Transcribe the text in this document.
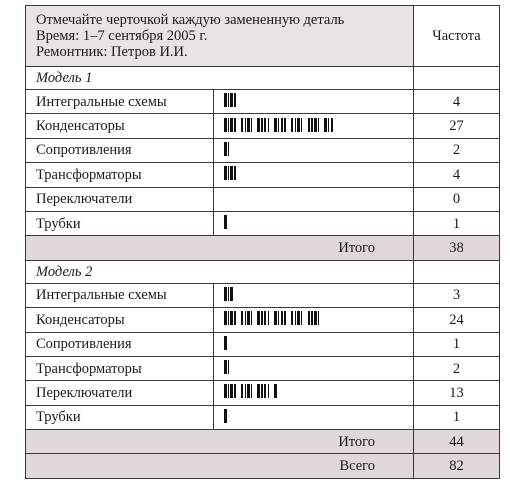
Отмечайте черточкой каждую замененную деталь
Время: 1–7 сентября 2005 г.
Ремонтник: Петров И.И.		Частота
Модель 1		
Интегральные схемы		4
Конденсаторы		27
Сопротивления		2
Трансформаторы		4
Переключатели		0
Трубки		1
Итого		38
Модель 2		
Интегральные схемы		3
Конденсаторы		24
Сопротивления		1
Трансформаторы		2
Переключатели		13
Трубки		1
Итого		44
Всего		82
